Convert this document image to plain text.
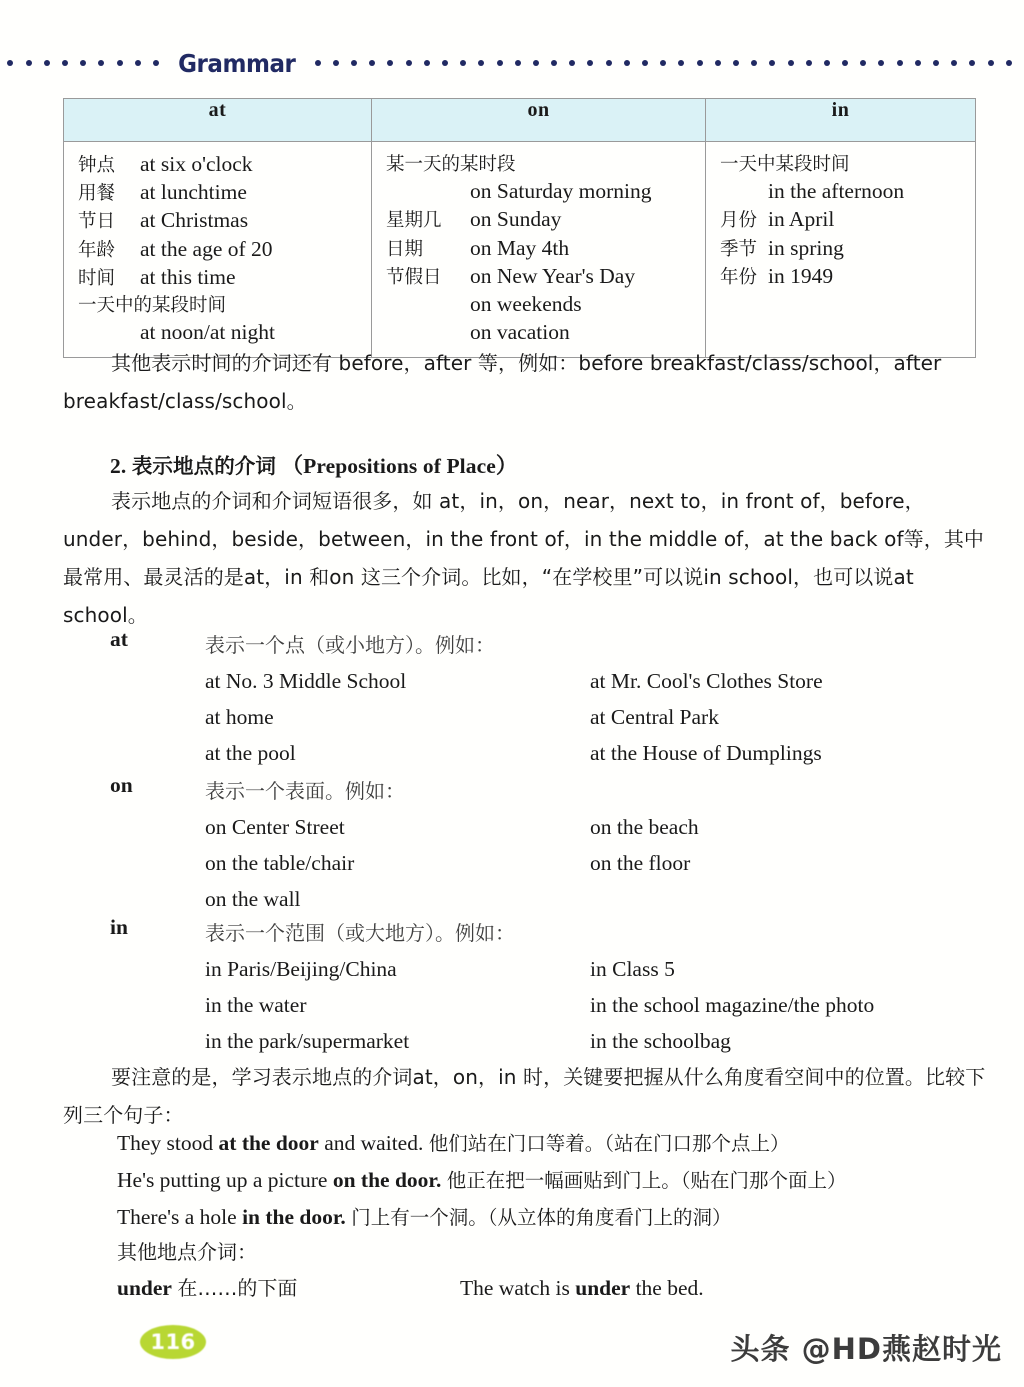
Grammar
at	on	in

钟点 at six o'clock
用餐 at lunchtime
节日 at Christmas
年龄 at the age of 20
时间 at this time
一天中的某段时间
at noon/at night

某一天的某时段
on Saturday morning
星期几 on Sunday
日期 on May 4th
节假日 on New Year's Day
on weekends
on vacation

一天中某段时间
in the afternoon
月份 in April
季节 in spring
年份 in 1949
其他表示时间的介词还有 before，after 等，例如：before breakfast/class/school，after breakfast/class/school。
2. 表示地点的介词 （Prepositions of Place）
表示地点的介词和介词短语很多，如 at，in，on，near，next to，in front of，before，under，behind，beside，between，in the front of，in the middle of，at the back of等，其中最常用、最灵活的是at，in 和on 这三个介词。比如，“在学校里”可以说in school，也可以说at school。
at	表示一个点（或小地方）。例如：
at No. 3 Middle School	at Mr. Cool's Clothes Store
at home	at Central Park
at the pool	at the House of Dumplings
on	表示一个表面。例如：
on Center Street	on the beach
on the table/chair	on the floor
on the wall
in	表示一个范围（或大地方）。例如：
in Paris/Beijing/China	in Class 5
in the water	in the school magazine/the photo
in the park/supermarket	in the schoolbag
要注意的是，学习表示地点的介词at，on，in 时，关键要把握从什么角度看空间中的位置。比较下列三个句子：
They stood at the door and waited. 他们站在门口等着。（站在门口那个点上）
He's putting up a picture on the door. 他正在把一幅画贴到门上。（贴在门那个面上）
There's a hole in the door. 门上有一个洞。（从立体的角度看门上的洞）
其他地点介词：
under 在……的下面	The watch is under the bed.
116	头条 @HD燕赵时光
